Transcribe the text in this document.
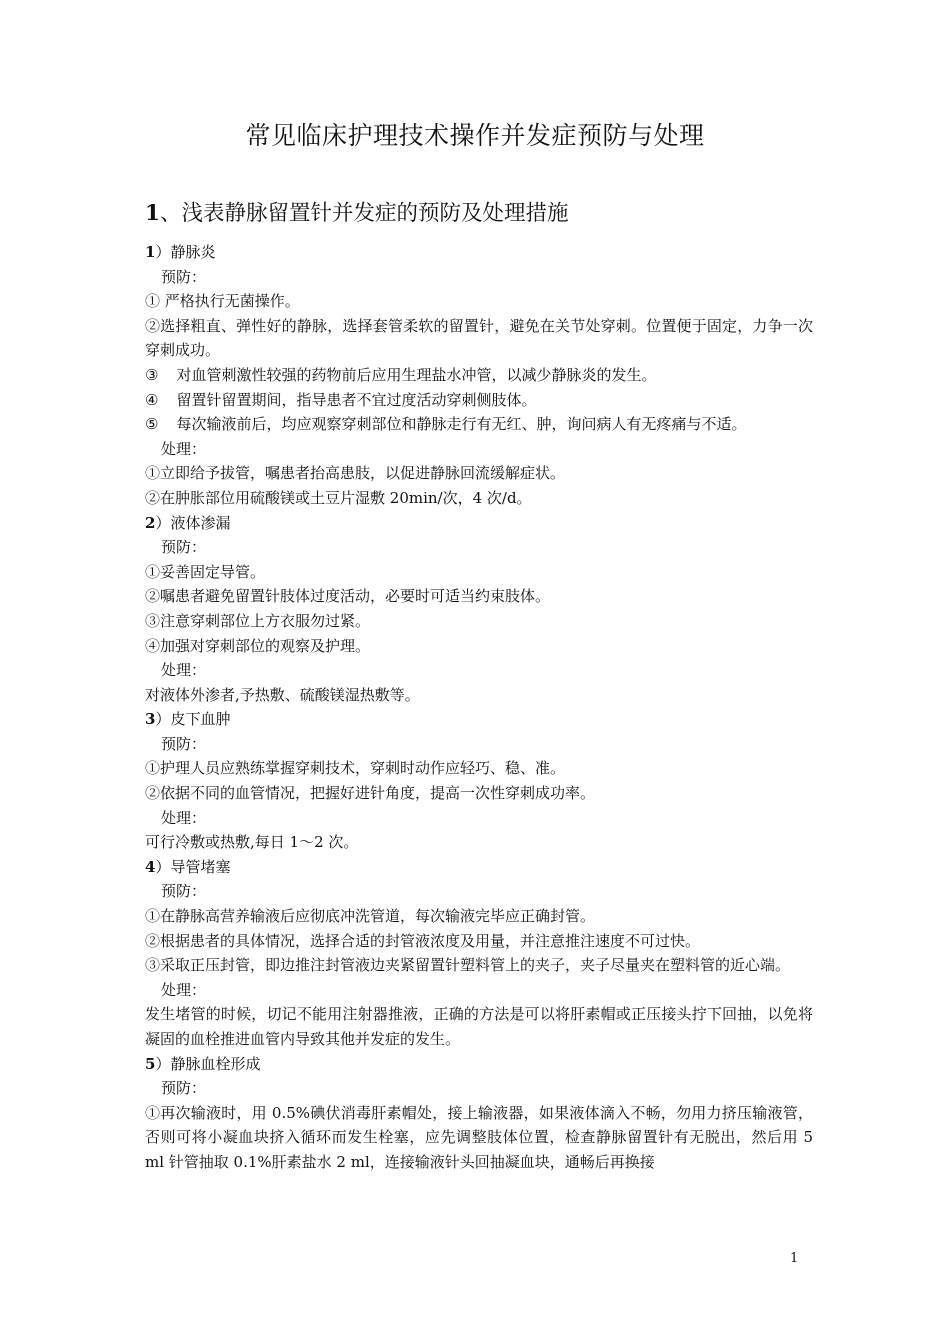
常见临床护理技术操作并发症预防与处理
1、浅表静脉留置针并发症的预防及处理措施

1）静脉炎

预防：

① 严格执行无菌操作。

②选择粗直、弹性好的静脉，选择套管柔软的留置针，避免在关节处穿刺。位置便于固定，力争一次穿刺成功。

③ 对血管刺激性较强的药物前后应用生理盐水冲管，以减少静脉炎的发生。

④ 留置针留置期间，指导患者不宜过度活动穿刺侧肢体。

⑤ 每次输液前后，均应观察穿刺部位和静脉走行有无红、肿，询问病人有无疼痛与不适。

处理：

①立即给予拔管，嘱患者抬高患肢，以促进静脉回流缓解症状。

②在肿胀部位用硫酸镁或土豆片湿敷 20min/次，4 次/d。

2）液体渗漏

预防：

①妥善固定导管。

②嘱患者避免留置针肢体过度活动，必要时可适当约束肢体。

③注意穿刺部位上方衣服勿过紧。

④加强对穿刺部位的观察及护理。

处理：

对液体外渗者,予热敷、硫酸镁湿热敷等。

3）皮下血肿

预防：

①护理人员应熟练掌握穿刺技术，穿刺时动作应轻巧、稳、准。

②依据不同的血管情况，把握好进针角度，提高一次性穿刺成功率。

处理：

可行冷敷或热敷,每日 1～2 次。

4）导管堵塞

预防：

①在静脉高营养输液后应彻底冲洗管道，每次输液完毕应正确封管。

②根据患者的具体情况，选择合适的封管液浓度及用量，并注意推注速度不可过快。

③采取正压封管，即边推注封管液边夹紧留置针塑料管上的夹子，夹子尽量夹在塑料管的近心端。

处理：

发生堵管的时候，切记不能用注射器推液，正确的方法是可以将肝素帽或正压接头拧下回抽，以免将凝固的血栓推进血管内导致其他并发症的发生。

5）静脉血栓形成

预防：

①再次输液时，用 0.5%碘伏消毒肝素帽处，接上输液器，如果液体滴入不畅，勿用力挤压输液管，否则可将小凝血块挤入循环而发生栓塞，应先调整肢体位置，检查静脉留置针有无脱出，然后用 5 ml 针管抽取 0.1%肝素盐水 2 ml，连接输液针头回抽凝血块，通畅后再换接

1
